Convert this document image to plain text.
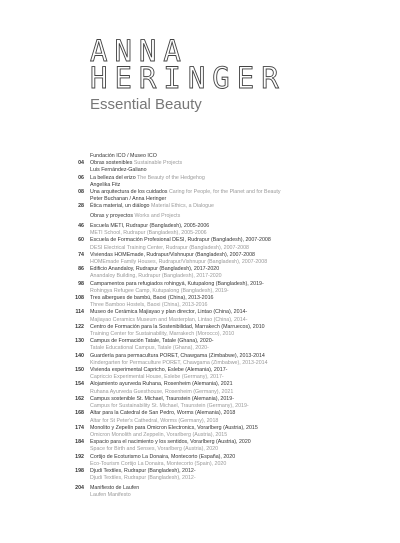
ANNA
HERINGER
Essential Beauty
Fundación ICO / Museo ICO
04 Obras sostenibles Sustainable Projects
Luis Fernández-Galiano
06 La belleza del erizo The Beauty of the Hedgehog
Angelika Fitz
08 Una arquitectura de los cuidados Caring for People, for the Planet and for Beauty
Peter Buchanan / Anna Heringer
28 Ética material, un diálogo Material Ethics, a Dialogue
Obras y proyectos Works and Projects
46 Escuela METI, Rudrapur (Bangladesh), 2005-2006
METI School, Rudrapur (Bangladesh), 2005-2006
60 Escuela de Formación Profesional DESI, Rudrapur (Bangladesh), 2007-2008
DESI Electrical Training Center, Rudrapur (Bangladesh), 2007-2008
74 Viviendas HOMEmade, Rudrapur/Vishnupur (Bangladesh), 2007-2008
HOMEmade Family Houses, Rudrapur/Vishnupur (Bangladesh), 2007-2008
86 Edificio Anandaloy, Rudrapur (Bangladesh), 2017-2020
Anandaloy Building, Rudrapur (Bangladesh), 2017-2020
98 Campamentos para refugiados rohingyá, Kutupalong (Bangladesh), 2019-
Rohingya Refugee Camp, Kutupalong (Bangladesh), 2019-
108 Tres albergues de bambú, Baoxi (China), 2013-2016
Three Bamboo Hostels, Baoxi (China), 2013-2016
114 Museo de Cerámica Majiayao y plan director, Lintao (China), 2014-
Majiayao Ceramics Museum and Masterplan, Lintao (China), 2014-
122 Centro de Formación para la Sostenibilidad, Marrakech (Marruecos), 2010
Training Center for Sustainability, Marrakech (Morocco), 2010
130 Campus de Formación Tatale, Tatale (Ghana), 2020-
Tatale Educational Campus, Tatale (Ghana), 2020-
140 Guardería para permacultura PORET, Chawgama (Zimbabwe), 2013-2014
Kindergarten for Permaculture PORET, Chawgama (Zimbabwe), 2013-2014
150 Vivienda experimental Capricho, Eslebe (Alemania), 2017-
Capriccio Experimental House, Eslebe (Germany), 2017-
154 Alojamiento ayurveda Ruhana, Rosenheim (Alemania), 2021
Ruhana Ayurveda Guesthouse, Rosenheim (Germany), 2021
162 Campus sostenible St. Michael, Traunstein (Alemania), 2019-
Campus for Sustainability St. Michael, Traunstein (Germany), 2019-
168 Altar para la Catedral de San Pedro, Worms (Alemania), 2018
Altar for St Peter's Cathedral, Worms (Germany), 2018
174 Monolito y Zepelín para Omicron Electronics, Vorarlberg (Austria), 2015
Omicron Monolith and Zeppelin, Vorarlberg (Austria), 2015
184 Espacio para el nacimiento y los sentidos, Vorarlberg (Austria), 2020
Space for Birth and Senses, Vorarlberg (Austria), 2020
192 Cortijo de Ecoturismo La Donaira, Montecorto (España), 2020
Eco-Tourism Cortijo La Donaira, Montecorto (Spain), 2020
198 Djudi Textiles, Rudrapur (Bangladesh), 2012-
Djudi Textiles, Rudrapur (Bangladesh), 2012-
204 Manifiesto de Laufen
Laufen Manifesto
